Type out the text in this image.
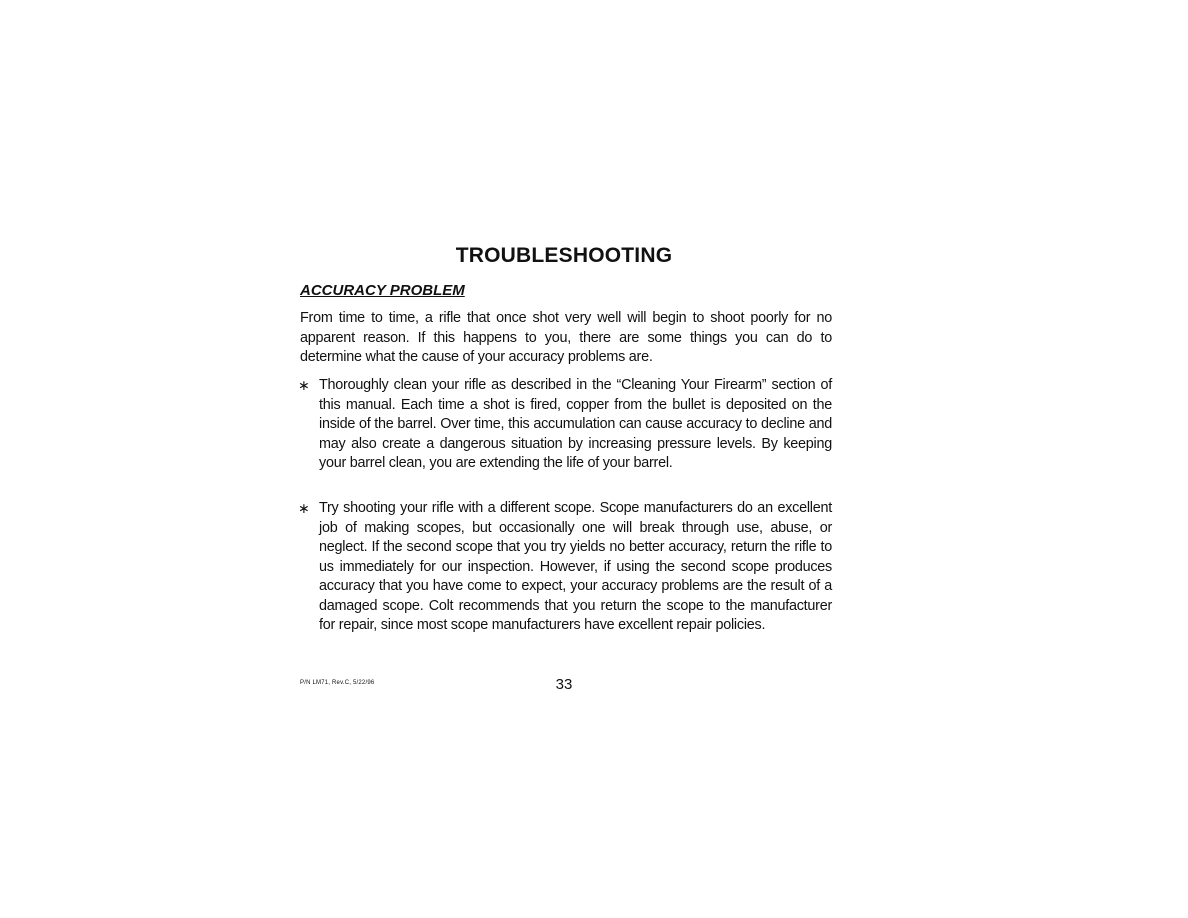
TROUBLESHOOTING
ACCURACY PROBLEM

From time to time, a rifle that once shot very well will begin to shoot poorly for no apparent reason. If this happens to you, there are some things you can do to determine what the cause of your accuracy problems are.

∗ Thoroughly clean your rifle as described in the “Cleaning Your Firearm” section of this manual. Each time a shot is fired, copper from the bullet is deposited on the inside of the barrel. Over time, this accumulation can cause accuracy to decline and may also create a dangerous situation by increasing pressure levels. By keeping your barrel clean, you are extending the life of your barrel.

∗ Try shooting your rifle with a different scope. Scope manufacturers do an excellent job of making scopes, but occasionally one will break through use, abuse, or neglect. If the second scope that you try yields no better accuracy, return the rifle to us immediately for our inspection. However, if using the second scope produces accuracy that you have come to expect, your accuracy problems are the result of a damaged scope. Colt recommends that you return the scope to the manufacturer for repair, since most scope manufacturers have excellent repair policies.

P/N LM71, Rev.C, 5/22/96	33
